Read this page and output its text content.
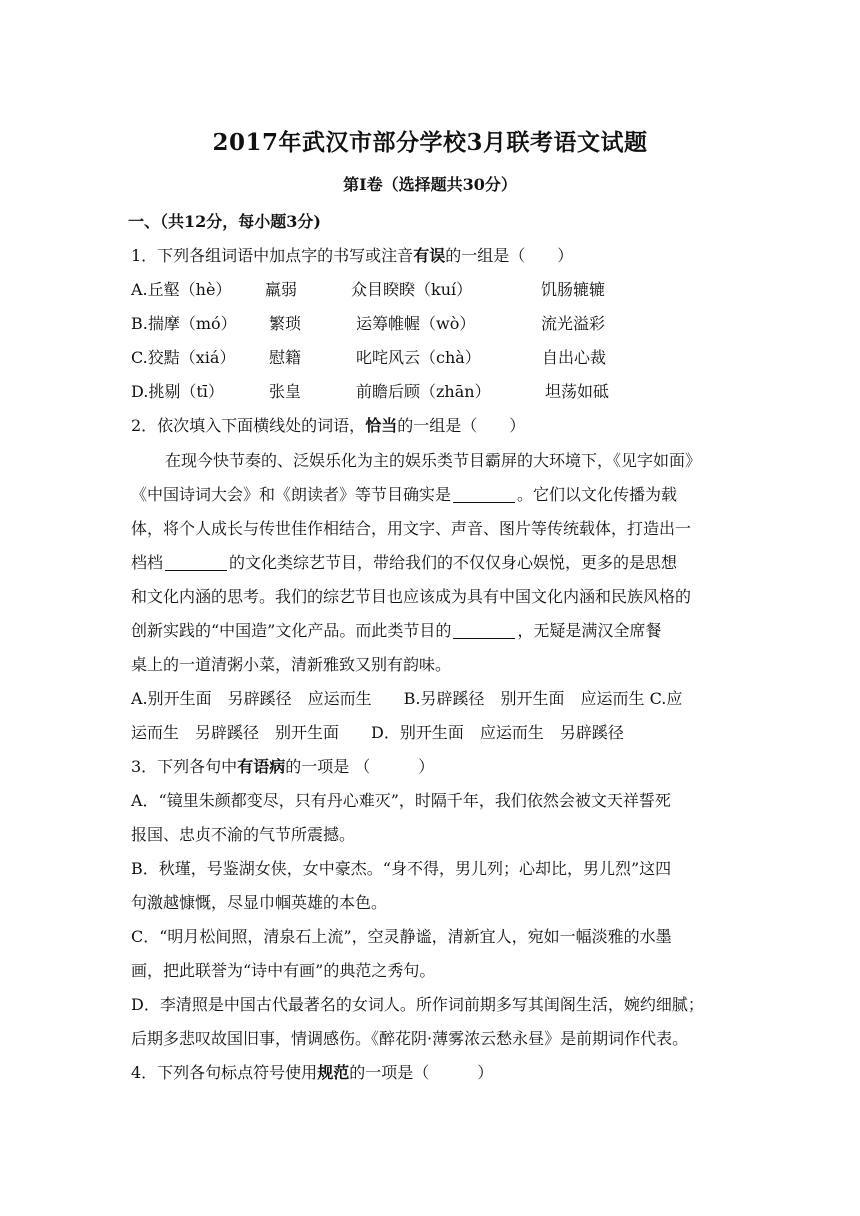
2017年武汉市部分学校3月联考语文试题
第Ⅰ卷（选择题共30分）
一、（共12分，每小题3分)
1．下列各组词语中加点字的书写或注音有误的一组是（　　）
A.丘壑（hè） 羸弱	众目睽睽（kuí）	饥肠辘辘
B.揣摩（mó） 繁琐	运筹帷幄（wò）	流光溢彩
C.狡黠（xiá） 慰籍	叱咤风云（chà）	自出心裁
D.挑剔（tī）	张皇	前瞻后顾（zhān）	坦荡如砥
2．依次填入下面横线处的词语，恰当的一组是（　　）
在现今快节奏的、泛娱乐化为主的娱乐类节目霸屏的大环境下，《见字如面》
《中国诗词大会》和《朗读者》等节目确实是	。它们以文化传播为载
体，将个人成长与传世佳作相结合，用文字、声音、图片等传统载体，打造出一
档档	的文化类综艺节目，带给我们的不仅仅身心娱悦，更多的是思想
和文化内涵的思考。我们的综艺节目也应该成为具有中国文化内涵和民族风格的
创新实践的“中国造”文化产品。而此类节目的	，无疑是满汉全席餐
桌上的一道清粥小菜，清新雅致又别有韵味。
A.别开生面　另辟蹊径　应运而生　　B.另辟蹊径　别开生面　应运而生 C.应
运而生　另辟蹊径　别开生面　　D．别开生面　应运而生　另辟蹊径
3．下列各句中有语病的一项是 （　　　）
A．“镜里朱颜都变尽，只有丹心难灭”，时隔千年，我们依然会被文天祥誓死
报国、忠贞不渝的气节所震撼。
B．秋瑾，号鉴湖女侠，女中豪杰。“身不得，男儿列；心却比，男儿烈”这四
句激越慷慨，尽显巾帼英雄的本色。
C．“明月松间照，清泉石上流”，空灵静谧，清新宜人，宛如一幅淡雅的水墨
画，把此联誉为“诗中有画”的典范之秀句。
D．李清照是中国古代最著名的女词人。所作词前期多写其闺阁生活，婉约细腻；
后期多悲叹故国旧事，情调感伤。《醉花阴·薄雾浓云愁永昼》是前期词作代表。
4．下列各句标点符号使用规范的一项是（　　　）
